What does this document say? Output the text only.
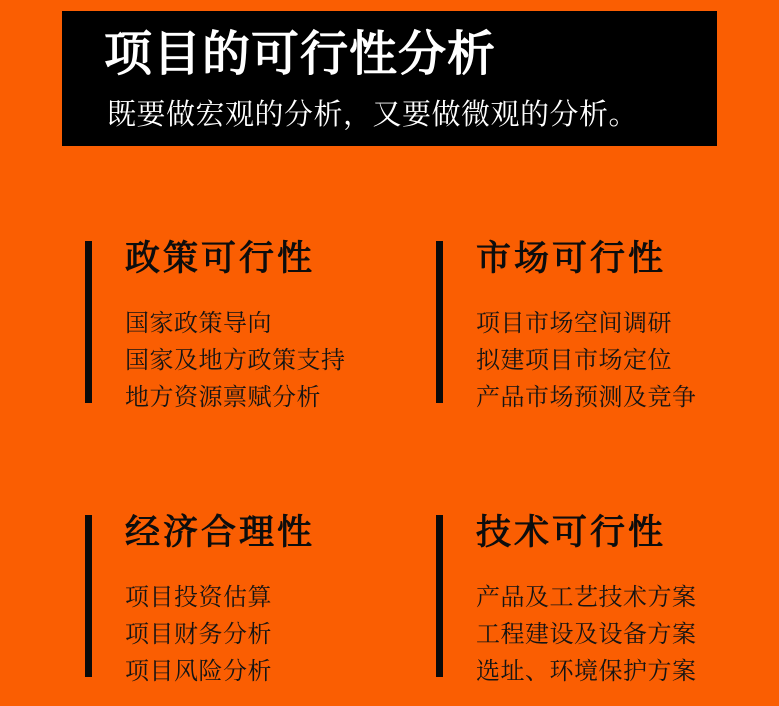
项目的可行性分析

既要做宏观的分析，又要做微观的分析。

政策可行性
国家政策导向
国家及地方政策支持
地方资源禀赋分析
市场可行性
项目市场空间调研
拟建项目市场定位
产品市场预测及竞争
经济合理性
项目投资估算
项目财务分析
项目风险分析
技术可行性
产品及工艺技术方案
工程建设及设备方案
选址、环境保护方案
